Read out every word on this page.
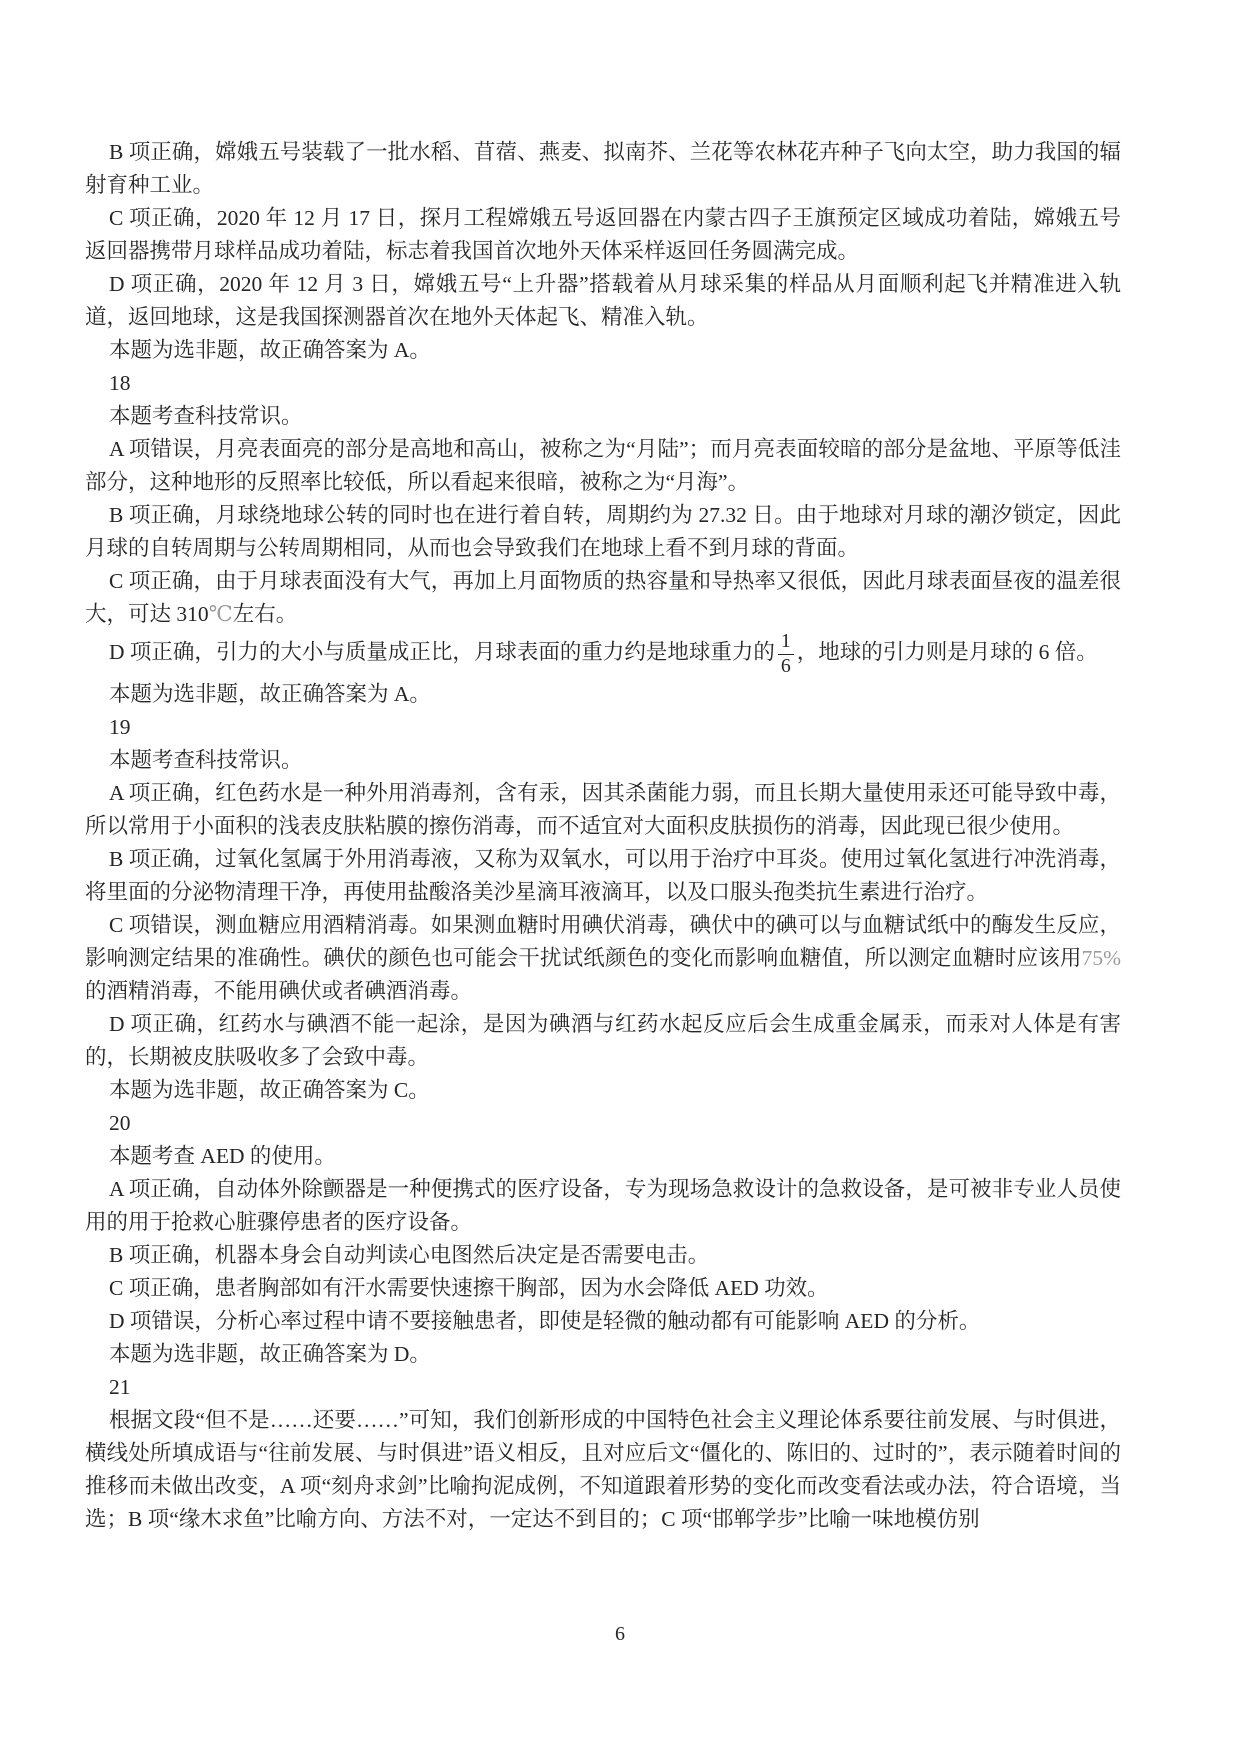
B 项正确，嫦娥五号装载了一批水稻、苜蓿、燕麦、拟南芥、兰花等农林花卉种子飞向太空，助力我国的辐射育种工业。

C 项正确，2020 年 12 月 17 日，探月工程嫦娥五号返回器在内蒙古四子王旗预定区域成功着陆，嫦娥五号返回器携带月球样品成功着陆，标志着我国首次地外天体采样返回任务圆满完成。

D 项正确，2020 年 12 月 3 日，嫦娥五号“上升器”搭载着从月球采集的样品从月面顺利起飞并精准进入轨道，返回地球，这是我国探测器首次在地外天体起飞、精准入轨。

本题为选非题，故正确答案为 A。

18

本题考查科技常识。

A 项错误，月亮表面亮的部分是高地和高山，被称之为“月陆”；而月亮表面较暗的部分是盆地、平原等低洼部分，这种地形的反照率比较低，所以看起来很暗，被称之为“月海”。

B 项正确，月球绕地球公转的同时也在进行着自转，周期约为 27.32 日。由于地球对月球的潮汐锁定，因此月球的自转周期与公转周期相同，从而也会导致我们在地球上看不到月球的背面。

C 项正确，由于月球表面没有大气，再加上月面物质的热容量和导热率又很低，因此月球表面昼夜的温差很大，可达 310℃左右。

D 项正确，引力的大小与质量成正比，月球表面的重力约是地球重力的 $\frac{1}{6}$ ，地球的引力则是月球的 6 倍。

本题为选非题，故正确答案为 A。

19

本题考查科技常识。

A 项正确，红色药水是一种外用消毒剂，含有汞，因其杀菌能力弱，而且长期大量使用汞还可能导致中毒，所以常用于小面积的浅表皮肤粘膜的擦伤消毒，而不适宜对大面积皮肤损伤的消毒，因此现已很少使用。

B 项正确，过氧化氢属于外用消毒液，又称为双氧水，可以用于治疗中耳炎。使用过氧化氢进行冲洗消毒，将里面的分泌物清理干净，再使用盐酸洛美沙星滴耳液滴耳，以及口服头孢类抗生素进行治疗。

C 项错误，测血糖应用酒精消毒。如果测血糖时用碘伏消毒，碘伏中的碘可以与血糖试纸中的酶发生反应，影响测定结果的准确性。碘伏的颜色也可能会干扰试纸颜色的变化而影响血糖值，所以测定血糖时应该用75%的酒精消毒，不能用碘伏或者碘酒消毒。

D 项正确，红药水与碘酒不能一起涂，是因为碘酒与红药水起反应后会生成重金属汞，而汞对人体是有害的，长期被皮肤吸收多了会致中毒。

本题为选非题，故正确答案为 C。

20

本题考查 AED 的使用。

A 项正确，自动体外除颤器是一种便携式的医疗设备，专为现场急救设计的急救设备，是可被非专业人员使用的用于抢救心脏骤停患者的医疗设备。

B 项正确，机器本身会自动判读心电图然后决定是否需要电击。

C 项正确，患者胸部如有汗水需要快速擦干胸部，因为水会降低 AED 功效。

D 项错误，分析心率过程中请不要接触患者，即使是轻微的触动都有可能影响 AED 的分析。

本题为选非题，故正确答案为 D。

21

根据文段“但不是……还要……”可知，我们创新形成的中国特色社会主义理论体系要往前发展、与时俱进，横线处所填成语与“往前发展、与时俱进”语义相反，且对应后文“僵化的、陈旧的、过时的”，表示随着时间的推移而未做出改变，A 项“刻舟求剑”比喻拘泥成例，不知道跟着形势的变化而改变看法或办法，符合语境，当选；B 项“缘木求鱼”比喻方向、方法不对，一定达不到目的；C 项“邯郸学步”比喻一味地模仿别

6
